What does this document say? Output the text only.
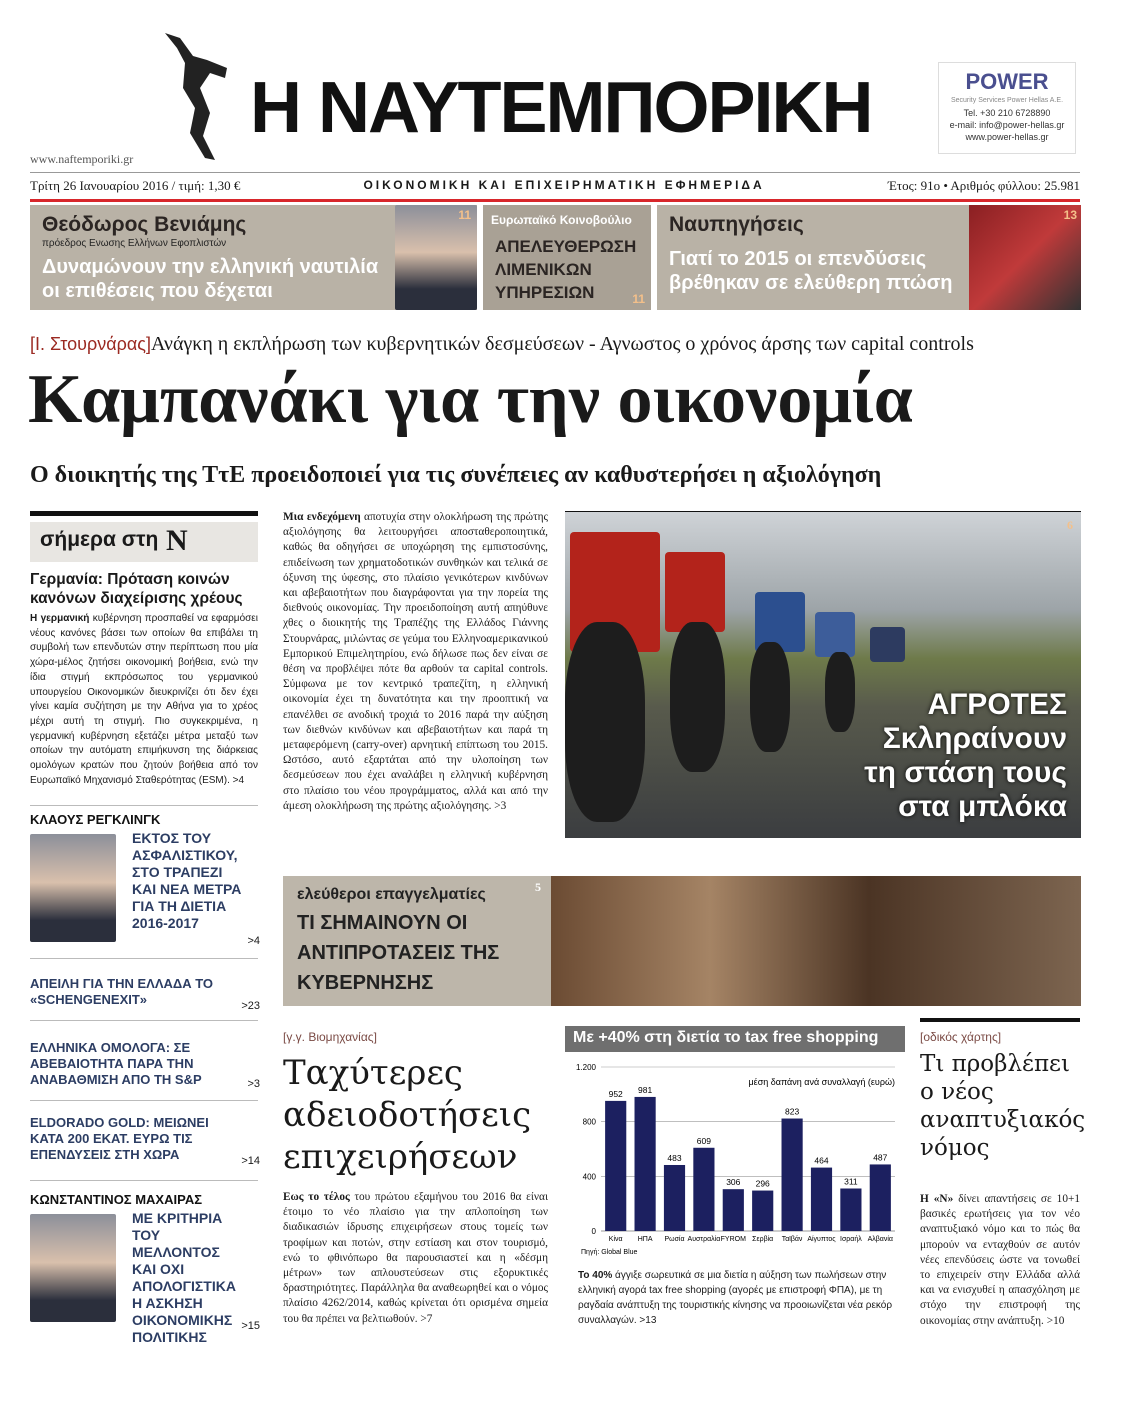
Η ΝΑΥΤΕΜΠΟΡΙΚΗ
www.naftemporiki.gr
POWER
Security Services Power Hellas A.E.
Tel. +30 210 6728890
e-mail: info@power-hellas.gr
www.power-hellas.gr
Τρίτη 26 Ιανουαρίου 2016 / τιμή: 1,30 €	ΟΙΚΟΝΟΜΙΚΗ ΚΑΙ ΕΠΙΧΕΙΡΗΜΑΤΙΚΗ ΕΦΗΜΕΡΙΔΑ	Έτος: 91ο • Αριθμός φύλλου: 25.981
Θεόδωρος Βενιάμης
πρόεδρος Ενωσης Ελλήνων Εφοπλιστών
Δυναμώνουν την ελληνική ναυτιλία οι επιθέσεις που δέχεται
11 Ευρωπαϊκό Κοινοβούλιο
ΑΠΕΛΕΥΘΕΡΩΣΗ ΛΙΜΕΝΙΚΩΝ ΥΠΗΡΕΣΙΩΝ	11
Ναυπηγήσεις
Γιατί το 2015 οι επενδύσεις βρέθηκαν σε ελεύθερη πτώση
13
[Ι. Στουρνάρας]Ανάγκη η εκπλήρωση των κυβερνητικών δεσμεύσεων - Αγνωστος ο χρόνος άρσης των capital controls
Καμπανάκι για την οικονομία
Ο διοικητής της ΤτΕ προειδοποιεί για τις συνέπειες αν καθυστερήσει η αξιολόγηση
σήμερα στη Ν
Γερμανία: Πρόταση κοινών κανόνων διαχείρισης χρέους
Η γερμανική κυβέρνηση προσπαθεί να εφαρμόσει νέους κανόνες βάσει των οποίων θα επιβάλει τη συμβολή των επενδυτών στην περίπτωση που μία χώρα-μέλος ζητήσει οικονομική βοήθεια, ενώ την ίδια στιγμή εκπρόσωπος του γερμανικού υπουργείου Οικονομικών διευκρινίζει ότι δεν έχει γίνει καμία συζήτηση με την Αθήνα για το χρέος μέχρι αυτή τη στιγμή. Πιο συγκεκριμένα, η γερμανική κυβέρνηση εξετάζει μέτρα μεταξύ των οποίων την αυτόματη επιμήκυνση της διάρκειας ομολόγων κρατών που ζητούν βοήθεια από τον Ευρωπαϊκό Μηχανισμό Σταθερότητας (ESM). >4
ΚΛΑΟΥΣ ΡΕΓΚΛΙΝΓΚ
ΕΚΤΟΣ ΤΟΥ ΑΣΦΑΛΙΣΤΙΚΟΥ, ΣΤΟ ΤΡΑΠΕΖΙ ΚΑΙ ΝΕΑ ΜΕΤΡΑ ΓΙΑ ΤΗ ΔΙΕΤΙΑ 2016-2017
>4
ΑΠΕΙΛΗ ΓΙΑ ΤΗΝ ΕΛΛΑΔΑ ΤΟ «SCHENGENEXIT»	>23
ΕΛΛΗΝΙΚΑ ΟΜΟΛΟΓΑ: ΣΕ ΑΒΕΒΑΙΟΤΗΤΑ ΠΑΡΑ ΤΗΝ ΑΝΑΒΑΘΜΙΣΗ ΑΠΟ ΤΗ S&P	>3
ELDORADO GOLD: ΜΕΙΩΝΕΙ ΚΑΤΑ 200 ΕΚΑΤ. ΕΥΡΩ ΤΙΣ ΕΠΕΝΔΥΣΕΙΣ ΣΤΗ ΧΩΡΑ	>14
ΚΩΝΣΤΑΝΤΙΝΟΣ ΜΑΧΑΙΡΑΣ
ΜΕ ΚΡΙΤΗΡΙΑ ΤΟΥ ΜΕΛΛΟΝΤΟΣ ΚΑΙ ΟΧΙ ΑΠΟΛΟΓΙΣΤΙΚΑ Η ΑΣΚΗΣΗ ΟΙΚΟΝΟΜΙΚΗΣ ΠΟΛΙΤΙΚΗΣ
>15
Μια ενδεχόμενη αποτυχία στην ολοκλήρωση της πρώτης αξιολόγησης θα λειτουργήσει αποσταθεροποιητικά, καθώς θα οδηγήσει σε υποχώρηση της εμπιστοσύνης, επιδείνωση των χρηματοδοτικών συνθηκών και τελικά σε όξυνση της ύφεσης, στο πλαίσιο γενικότερων κινδύνων και αβεβαιοτήτων που διαγράφονται για την πορεία της διεθνούς οικονομίας. Την προειδοποίηση αυτή απηύθυνε χθες ο διοικητής της Τραπέζης της Ελλάδος Γιάννης Στουρνάρας, μιλώντας σε γεύμα του Ελληνοαμερικανικού Εμπορικού Επιμελητηρίου, ενώ δήλωσε πως δεν είναι σε θέση να προβλέψει πότε θα αρθούν τα capital controls. Σύμφωνα με τον κεντρικό τραπεζίτη, η ελληνική οικονομία έχει τη δυνατότητα και την προοπτική να επανέλθει σε ανοδική τροχιά το 2016 παρά την αύξηση των διεθνών κινδύνων και αβεβαιοτήτων και παρά τη μεταφερόμενη (carry-over) αρνητική επίπτωση του 2015. Ωστόσο, αυτό εξαρτάται από την υλοποίηση των δεσμεύσεων που έχει αναλάβει η ελληνική κυβέρνηση στο πλαίσιο του νέου προγράμματος, αλλά και από την άμεση ολοκλήρωση της πρώτης αξιολόγησης. >3
6
ΑΓΡΟΤΕΣ
Σκληραίνουν
τη στάση τους
στα μπλόκα
ελεύθεροι επαγγελματίες
ΤΙ ΣΗΜΑΙΝΟΥΝ ΟΙ ΑΝΤΙΠΡΟΤΑΣΕΙΣ ΤΗΣ ΚΥΒΕΡΝΗΣΗΣ
5
[γ.γ. Βιομηχανίας]
Ταχύτερες αδειοδοτήσεις επιχειρήσεων
Εως το τέλος του πρώτου εξαμήνου του 2016 θα είναι έτοιμο το νέο πλαίσιο για την απλοποίηση των διαδικασιών ίδρυσης επιχειρήσεων στους τομείς των τροφίμων και ποτών, στην εστίαση και στον τουρισμό, ενώ το φθινόπωρο θα παρουσιαστεί και η «δέσμη μέτρων» των απλουστεύσεων στις εξορυκτικές δραστηριότητες. Παράλληλα θα αναθεωρηθεί και ο νόμος πλαίσιο 4262/2014, καθώς κρίνεται ότι ορισμένα σημεία του θα πρέπει να βελτιωθούν. >7
Με +40% στη διετία το tax free shopping
0
400
800
1.200
μέση δαπάνη ανά συναλλαγή (ευρώ)
952
Κίνα
981
ΗΠΑ
483
Ρωσία
609
Αυστραλία
306
FYROM
296
Σερβία
823
Ταϊβάν
464
Αίγυπτος
311
Ισραήλ
487
Αλβανία
Πηγή: Global Blue
Το 40% άγγιξε σωρευτικά σε μια διετία η αύξηση των πωλήσεων στην ελληνική αγορά tax free shopping (αγορές με επιστροφή ΦΠΑ), με τη ραγδαία ανάπτυξη της τουριστικής κίνησης να προοιωνίζεται νέα ρεκόρ συναλλαγών. >13
[οδικός χάρτης]
Τι προβλέπει ο νέος αναπτυξιακός νόμος
Η «Ν» δίνει απαντήσεις σε 10+1 βασικές ερωτήσεις για τον νέο αναπτυξιακό νόμο και το πώς θα μπορούν να ενταχθούν σε αυτόν νέες επενδύσεις ώστε να τονωθεί το επιχειρείν στην Ελλάδα αλλά και να ενισχυθεί η απασχόληση με στόχο την επιστροφή της οικονομίας στην ανάπτυξη. >10
